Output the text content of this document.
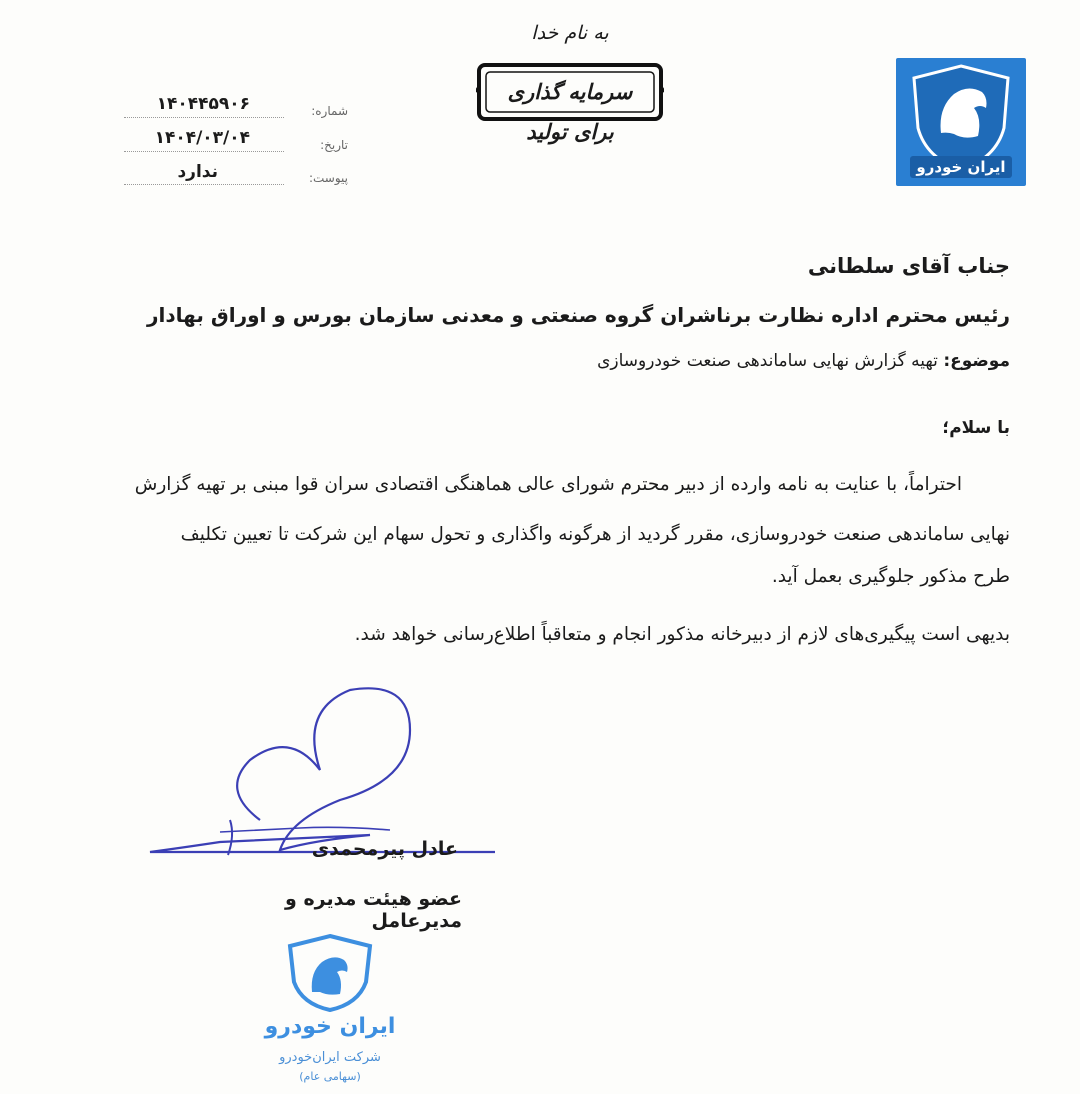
به نام خدا
سرمایه گذاری برای تولید
شماره:
۱۴۰۴۴۵۹۰۶
تاریخ:
۱۴۰۴/۰۳/۰۴
پیوست:
ندارد	ایران خودرو
جناب آقای سلطانی
رئیس محترم اداره نظارت برناشران گروه صنعتی و معدنی سازمان بورس و اوراق بهادار
موضوع: تهیه گزارش نهایی ساماندهی صنعت خودروسازی
با سلام؛
احتراماً، با عنایت به نامه وارده از دبیر محترم شورای عالی هماهنگی اقتصادی سران قوا مبنی بر تهیه گزارش
نهایی ساماندهی صنعت خودروسازی، مقرر گردید از هرگونه واگذاری و تحول سهام این شرکت تا تعیین تکلیف
طرح مذکور جلوگیری بعمل آید.
بدیهی است پیگیری‌های لازم از دبیرخانه مذکور انجام و متعاقباً اطلاع‌رسانی خواهد شد.
عادل پیرمحمدی
عضو هیئت مدیره و مدیرعامل
ایران خودرو
شرکت ایران‌خودرو
(سهامی عام)
